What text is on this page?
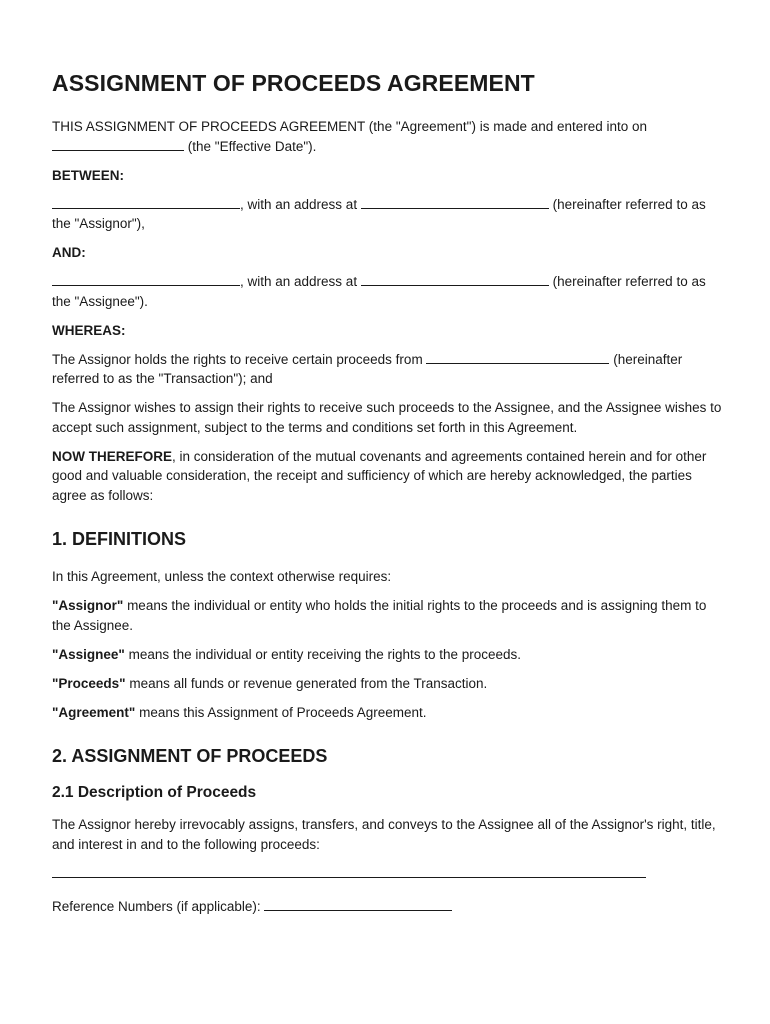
ASSIGNMENT OF PROCEEDS AGREEMENT

THIS ASSIGNMENT OF PROCEEDS AGREEMENT (the "Agreement") is made and entered into on  (the "Effective Date").

BETWEEN:

, with an address at	(hereinafter referred to as the "Assignor"),

AND:

, with an address at	(hereinafter referred to as the "Assignee").

WHEREAS:

The Assignor holds the rights to receive certain proceeds from	(hereinafter referred to as the "Transaction"); and

The Assignor wishes to assign their rights to receive such proceeds to the Assignee, and the Assignee wishes to accept such assignment, subject to the terms and conditions set forth in this Agreement.

NOW THEREFORE, in consideration of the mutual covenants and agreements contained herein and for other good and valuable consideration, the receipt and sufficiency of which are hereby acknowledged, the parties agree as follows:

1. DEFINITIONS

In this Agreement, unless the context otherwise requires:

"Assignor" means the individual or entity who holds the initial rights to the proceeds and is assigning them to the Assignee.

"Assignee" means the individual or entity receiving the rights to the proceeds.

"Proceeds" means all funds or revenue generated from the Transaction.

"Agreement" means this Assignment of Proceeds Agreement.

2. ASSIGNMENT OF PROCEEDS
2.1 Description of Proceeds

The Assignor hereby irrevocably assigns, transfers, and conveys to the Assignee all of the Assignor's right, title, and interest in and to the following proceeds:

Reference Numbers (if applicable):
